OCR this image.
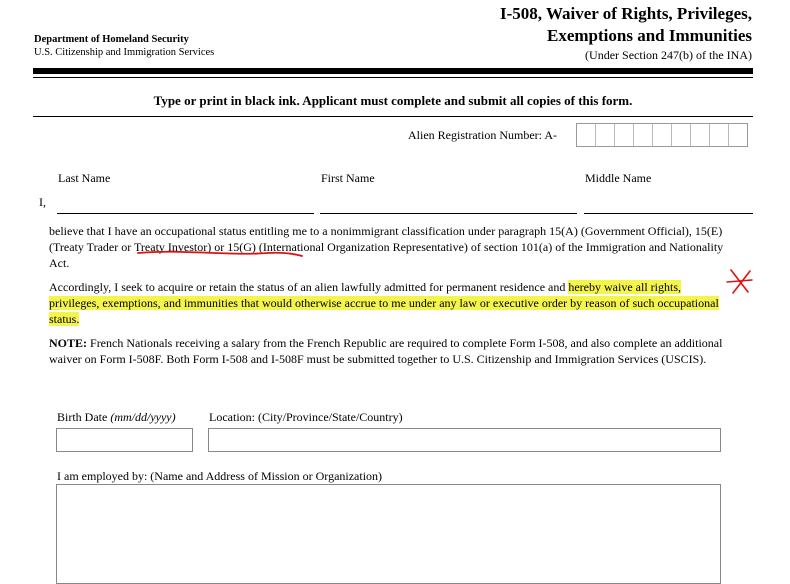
Department of Homeland Security
U.S. Citizenship and Immigration Services
I-508, Waiver of Rights, Privileges,
Exemptions and Immunities
(Under Section 247(b) of the INA)
Type or print in black ink. Applicant must complete and submit all copies of this form.
Alien Registration Number: A-
Last Name	First Name	Middle Name
I,
believe that I have an occupational status entitling me to a nonimmigrant classification under paragraph 15(A) (Government Official), 15(E) (Treaty Trader or Treaty Investor) or 15(G) (International Organization Representative) of section 101(a) of the Immigration and Nationality Act.
Accordingly, I seek to acquire or retain the status of an alien lawfully admitted for permanent residence and hereby waive all rights, privileges, exemptions, and immunities that would otherwise accrue to me under any law or executive order by reason of such occupational status.
NOTE: French Nationals receiving a salary from the French Republic are required to complete Form I-508, and also complete an additional waiver on Form I-508F. Both Form I-508 and I-508F must be submitted together to U.S. Citizenship and Immigration Services (USCIS).
Birth Date (mm/dd/yyyy)	Location: (City/Province/State/Country)
I am employed by: (Name and Address of Mission or Organization)
